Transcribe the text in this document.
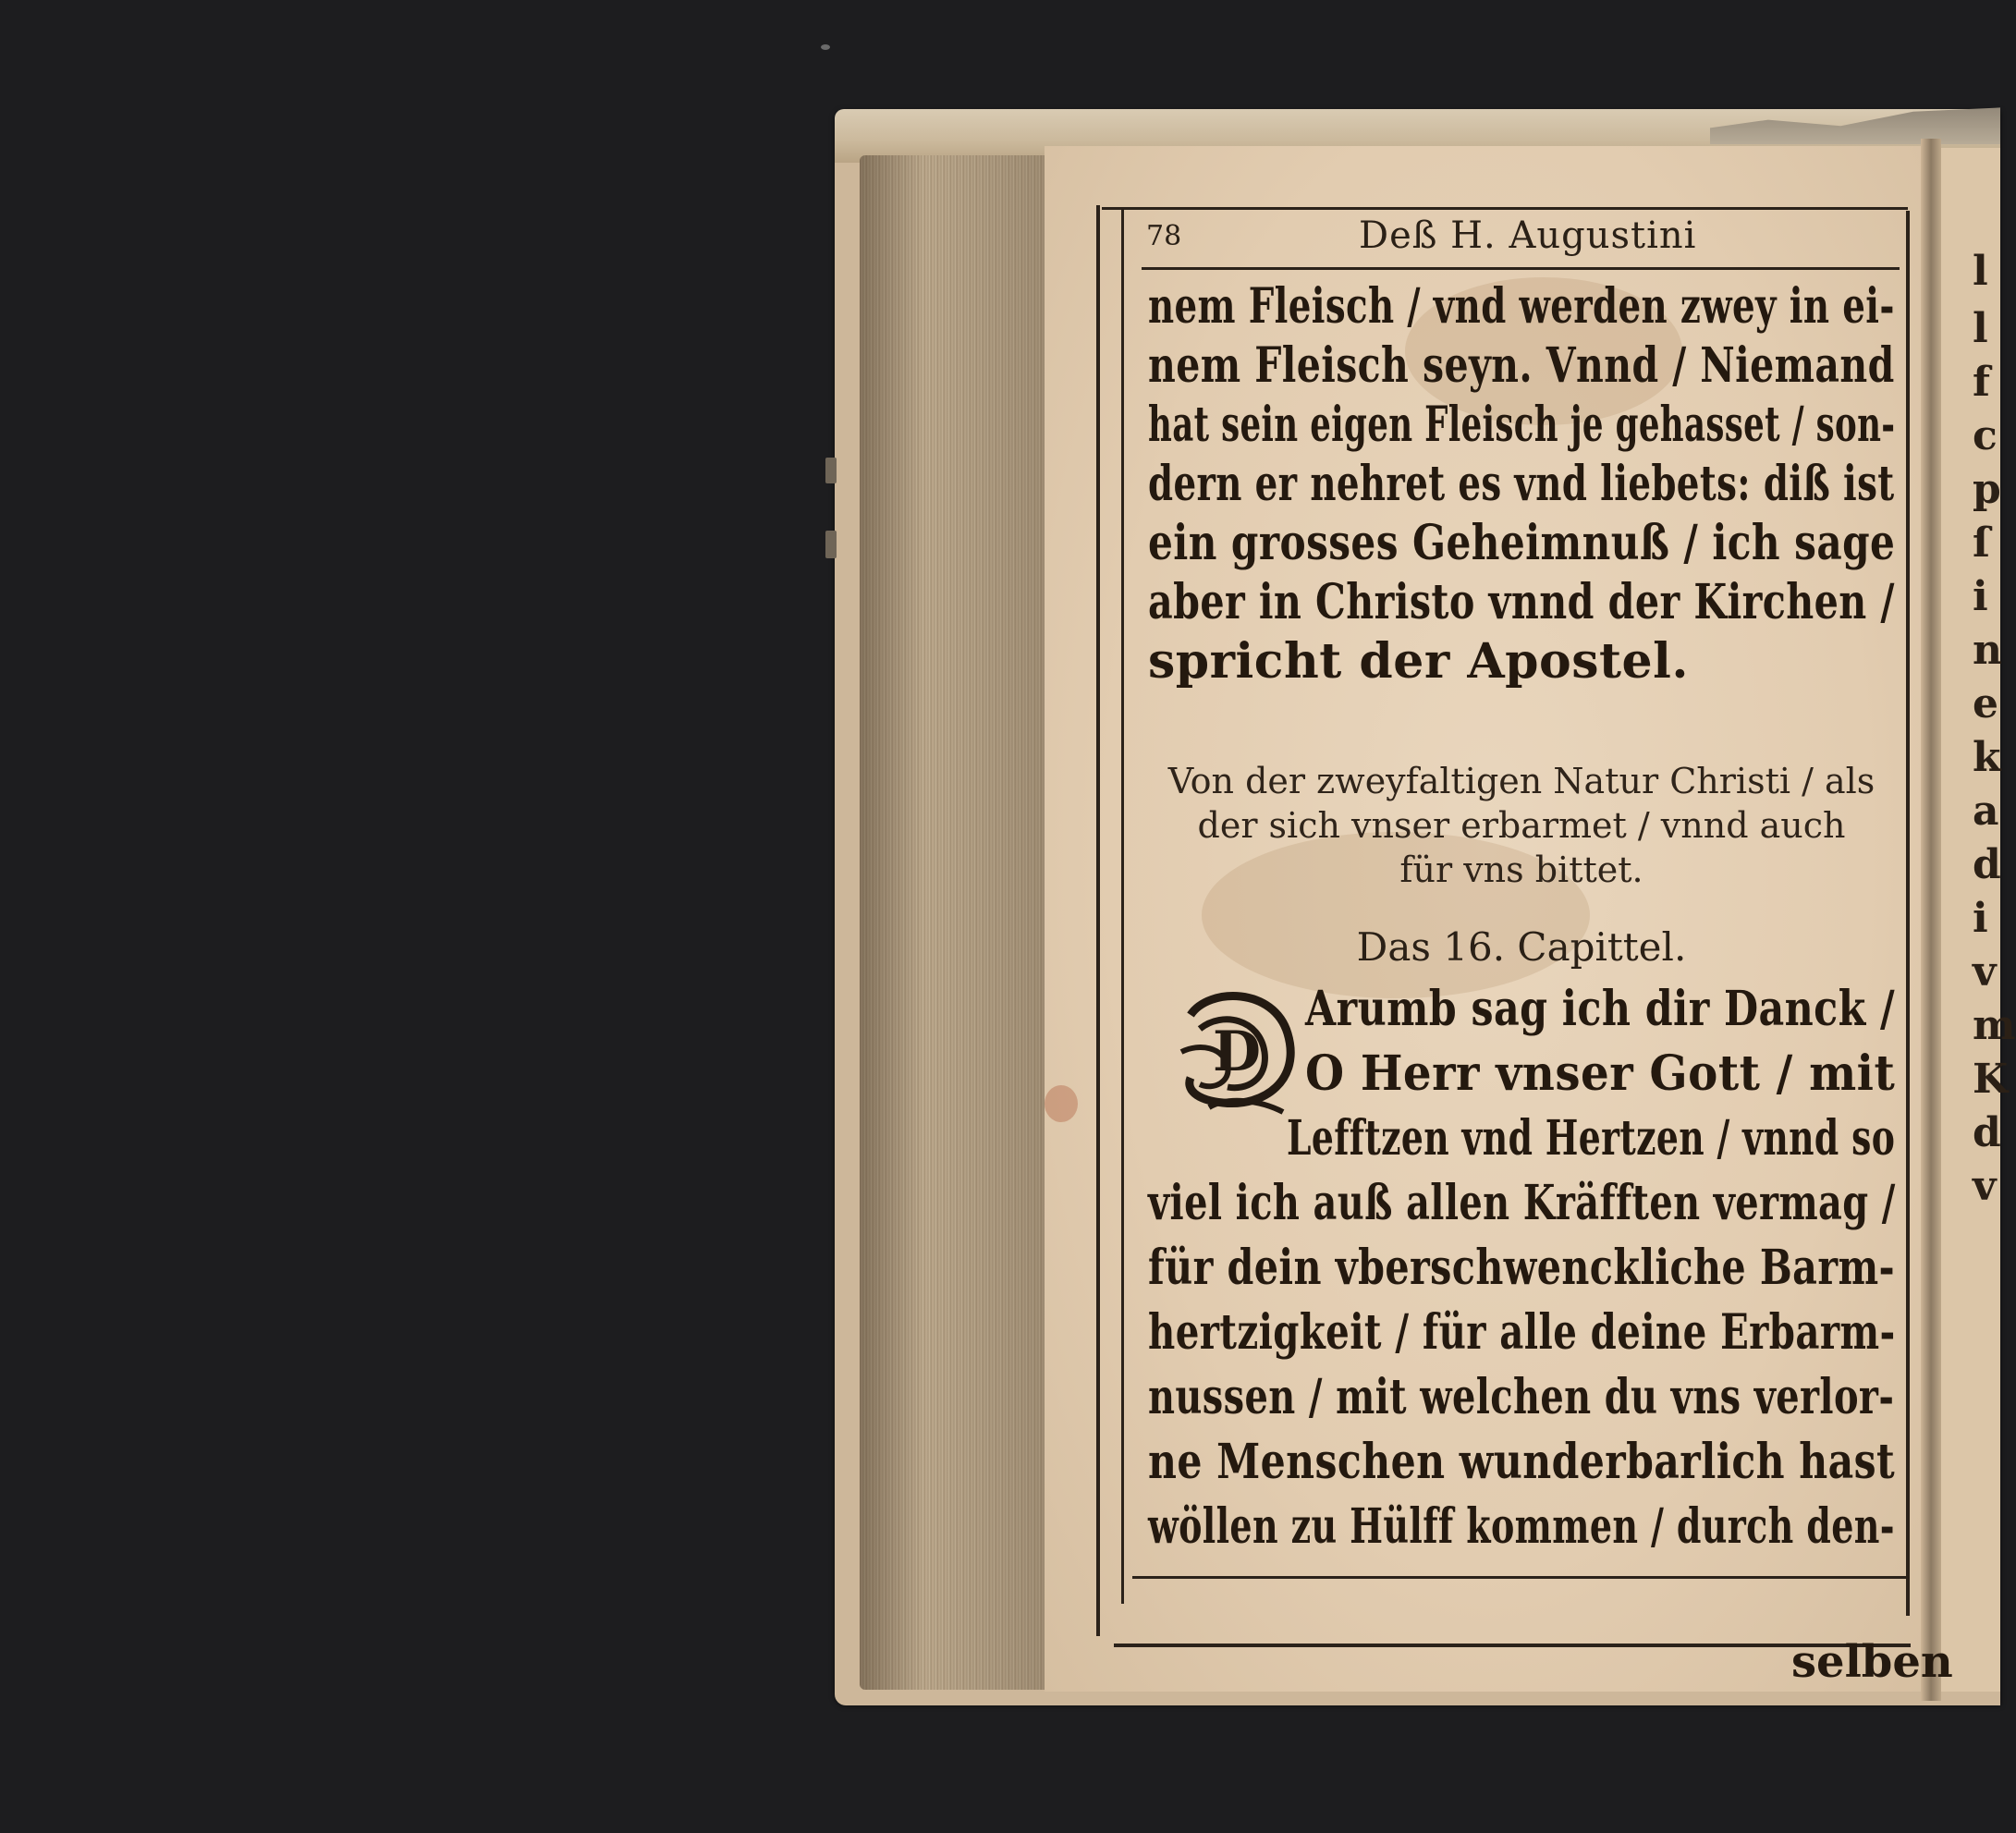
78	Deß H. Augustini
nem Fleisch / vnd werden zwey in ei-
nem Fleisch seyn. Vnnd / Niemand
hat sein eigen Fleisch je gehasset / son-
dern er nehret es vnd liebets: diß ist
ein grosses Geheimnuß / ich sage
aber in Christo vnnd der Kirchen /
spricht der Apostel.
Von der zweyfaltigen Natur Christi / als
der sich vnser erbarmet / vnnd auch
für vns bittet.
Das 16. Capittel.
D
Arumb sag ich dir Danck /
O Herr vnser Gott / mit
Lefftzen vnd Hertzen / vnnd so
viel ich auß allen Kräfften vermag /
für dein vberschwenckliche Barm-
hertzigkeit / für alle deine Erbarm-
nussen / mit welchen du vns verlor-
ne Menschen wunderbarlich hast
wöllen zu Hülff kommen / durch den-
selben
l
l
f
c
p
ſ
i
n
e
k
a
d
i
v
m
K
d
v
